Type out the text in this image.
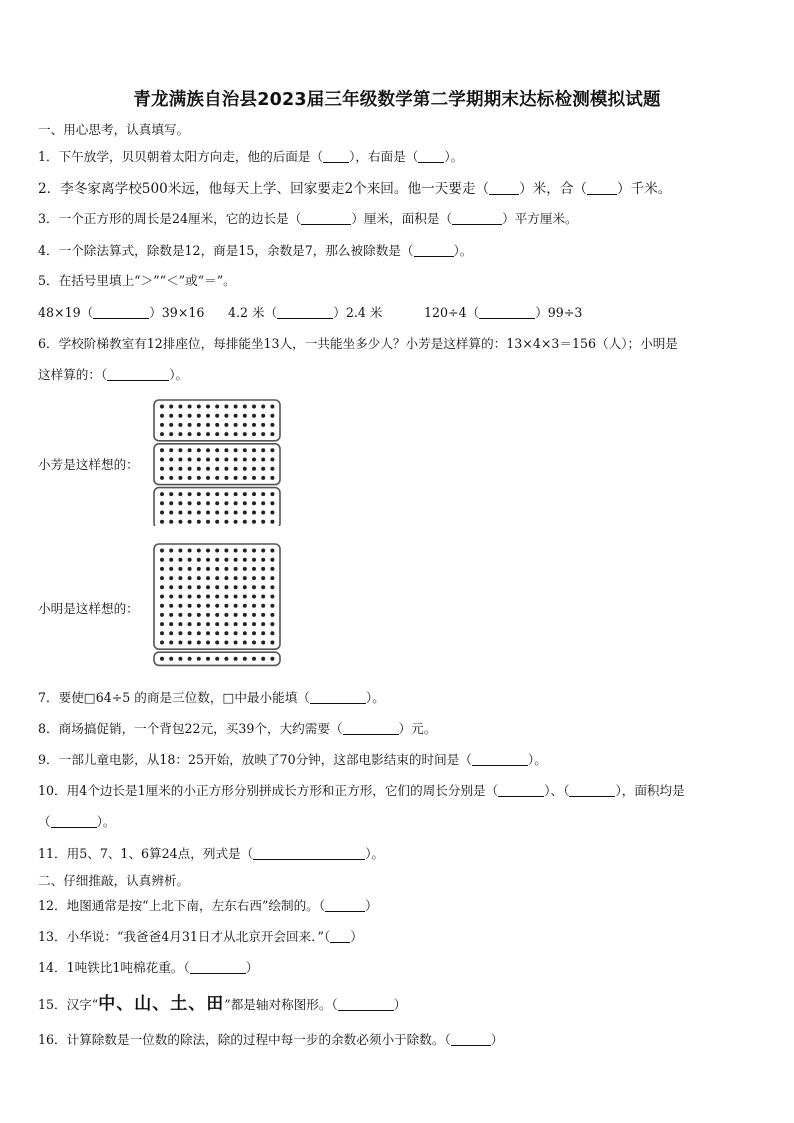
青龙满族自治县2023届三年级数学第二学期期末达标检测模拟试题
一、用心思考，认真填写。
1．下午放学，贝贝朝着太阳方向走，他的后面是（ ），右面是（ ）。
2．李冬家离学校500米远，他每天上学、回家要走2个来回。他一天要走（ ）米，合（ ）千米。
3．一个正方形的周长是24厘米，它的边长是（	）厘米，面积是（	）平方厘米。
4．一个除法算式，除数是12，商是15，余数是7，那么被除数是（	）。
5．在括号里填上“＞”“＜”或“＝”。
48×19（	）39×16 4.2 米（	）2.4 米	120÷4（	）99÷3
6．学校阶梯教室有12排座位，每排能坐13人，一共能坐多少人？小芳是这样算的：13×4×3＝156（人）；小明是
这样算的：（	）。
小芳是这样想的：
小明是这样想的：
7．要使□64÷5 的商是三位数，□中最小能填（	）。
8．商场搞促销，一个背包22元，买39个，大约需要（	）元。
9．一部儿童电影，从18：25开始，放映了70分钟，这部电影结束的时间是（	）。
10．用4个边长是1厘米的小正方形分别拼成长方形和正方形，它们的周长分别是（	）、（	），面积均是
（	）。
11．用5、7、1、6算24点，列式是（	）。
二、仔细推敲，认真辨析。
12．地图通常是按“上北下南，左东右西”绘制的。（	）
13．小华说：“我爸爸4月31日才从北京开会回来．”（ ）
14．1吨铁比1吨棉花重。（	）
15．汉字“中、山、土、田”都是轴对称图形。（	）
16．计算除数是一位数的除法，除的过程中每一步的余数必须小于除数。（	）
